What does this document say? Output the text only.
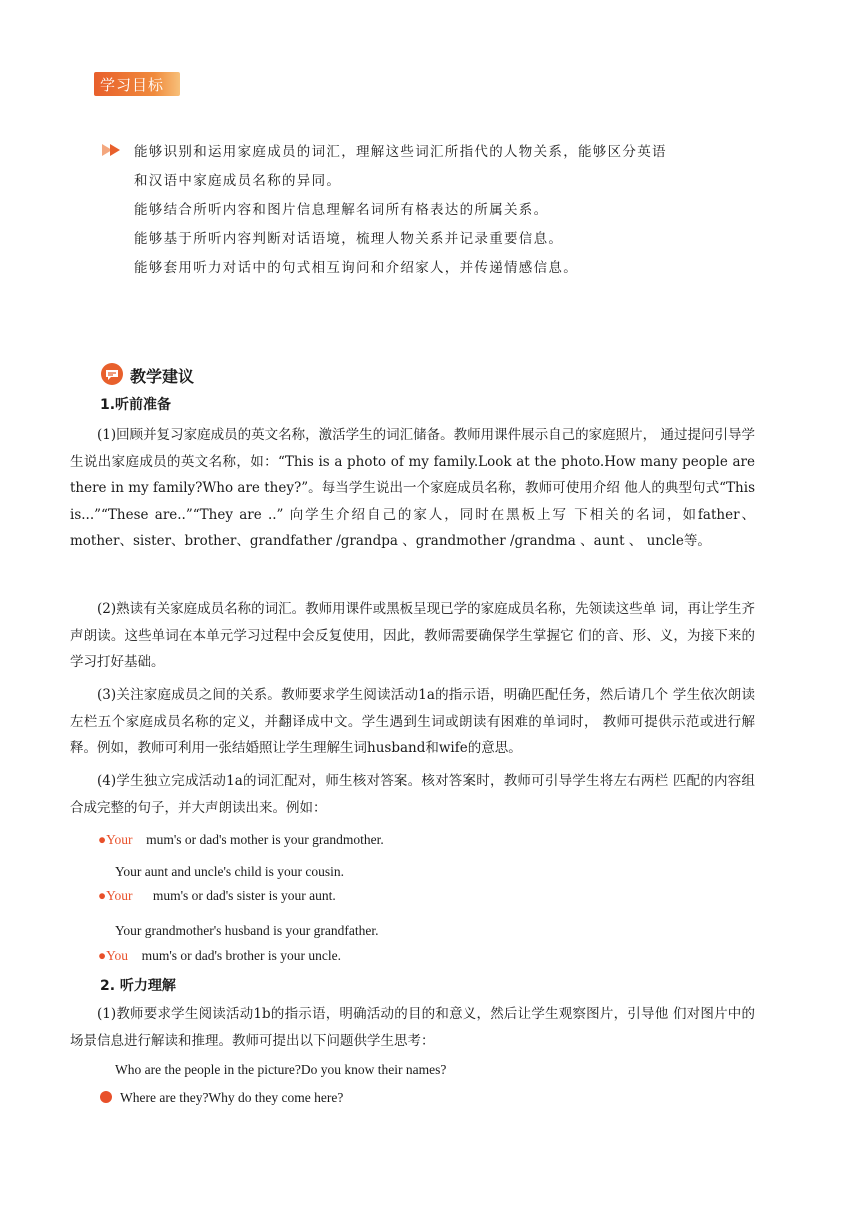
学习目标
能够识别和运用家庭成员的词汇，理解这些词汇所指代的人物关系，能够区分英语
和汉语中家庭成员名称的异同。
能够结合所听内容和图片信息理解名词所有格表达的所属关系。
能够基于所听内容判断对话语境，梳理人物关系并记录重要信息。
能够套用听力对话中的句式相互询问和介绍家人，并传递情感信息。
教学建议
1.听前准备
(1)回顾并复习家庭成员的英文名称，激活学生的词汇储备。教师用课件展示自己的家庭照片， 通过提问引导学生说出家庭成员的英文名称，如：“This is a photo of my family.Look at the photo.How many people are there in my family?Who are they?”。每当学生说出一个家庭成员名称，教师可使用介绍 他人的典型句式“This is...”“These are..”“They are ..” 向学生介绍自己的家人，同时在黑板上写 下相关的名词，如father、mother、sister、brother、grandfather /grandpa 、grandmother /grandma 、aunt 、 uncle等。
(2)熟读有关家庭成员名称的词汇。教师用课件或黑板呈现已学的家庭成员名称，先领读这些单 词，再让学生齐声朗读。这些单词在本单元学习过程中会反复使用，因此，教师需要确保学生掌握它 们的音、形、义，为接下来的学习打好基础。
(3)关注家庭成员之间的关系。教师要求学生阅读活动1a的指示语，明确匹配任务，然后请几个 学生依次朗读左栏五个家庭成员名称的定义，并翻译成中文。学生遇到生词或朗读有困难的单词时， 教师可提供示范或进行解释。例如，教师可利用一张结婚照让学生理解生词husband和wife的意思。
(4)学生独立完成活动1a的词汇配对，师生核对答案。核对答案时，教师可引导学生将左右两栏 匹配的内容组合成完整的句子，并大声朗读出来。例如：
●Your mum's or dad's mother is your grandmother.
Your aunt and uncle's child is your cousin.
●Your mum's or dad's sister is your aunt.
Your grandmother's husband is your grandfather.
●You mum's or dad's brother is your uncle.
2. 听力理解
(1)教师要求学生阅读活动1b的指示语，明确活动的目的和意义，然后让学生观察图片，引导他 们对图片中的场景信息进行解读和推理。教师可提出以下问题供学生思考：
Who are the people in the picture?Do you know their names?
Where are they?Why do they come here?
